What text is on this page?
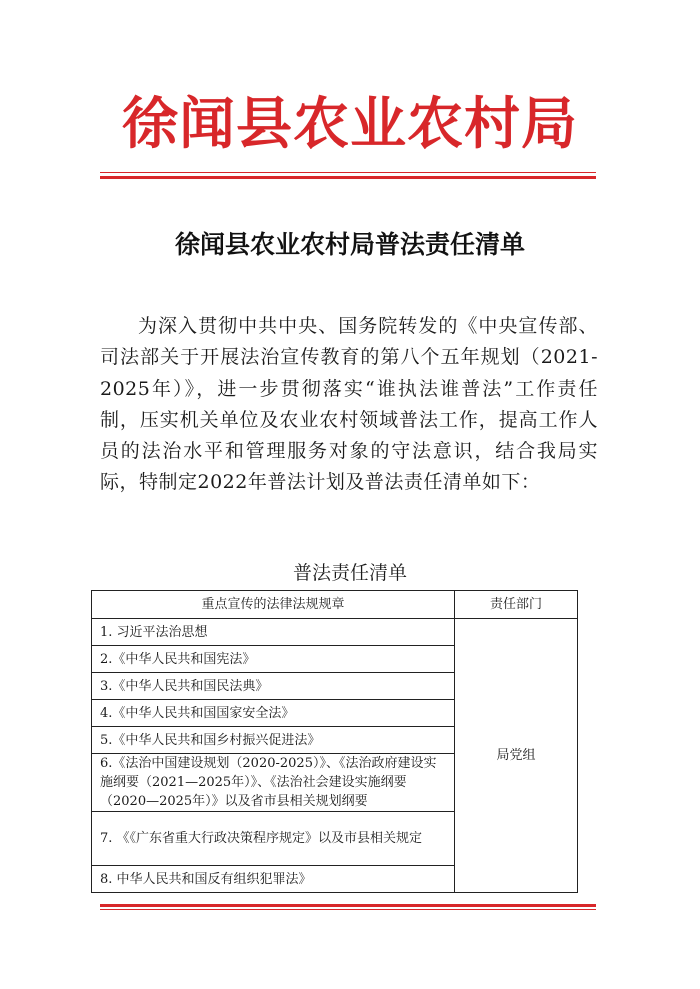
徐闻县农业农村局
徐闻县农业农村局普法责任清单

为深入贯彻中共中央、国务院转发的《中央宣传部、司法部关于开展法治宣传教育的第八个五年规划（2021-2025年）》，进一步贯彻落实“谁执法谁普法”工作责任制，压实机关单位及农业农村领域普法工作，提高工作人员的法治水平和管理服务对象的守法意识，结合我局实际，特制定2022年普法计划及普法责任清单如下：

普法责任清单
重点宣传的法律法规规章	责任部门
1. 习近平法治思想	局党组
2.《中华人民共和国宪法》	
3.《中华人民共和国民法典》	
4.《中华人民共和国国家安全法》	
5.《中华人民共和国乡村振兴促进法》	
6.《法治中国建设规划（2020-2025）》、《法治政府建设实施纲要（2021—2025年）》、《法治社会建设实施纲要（2020—2025年）》以及省市县相关规划纲要	
7. 《《广东省重大行政决策程序规定》以及市县相关规定	
8. 中华人民共和国反有组织犯罪法》	
